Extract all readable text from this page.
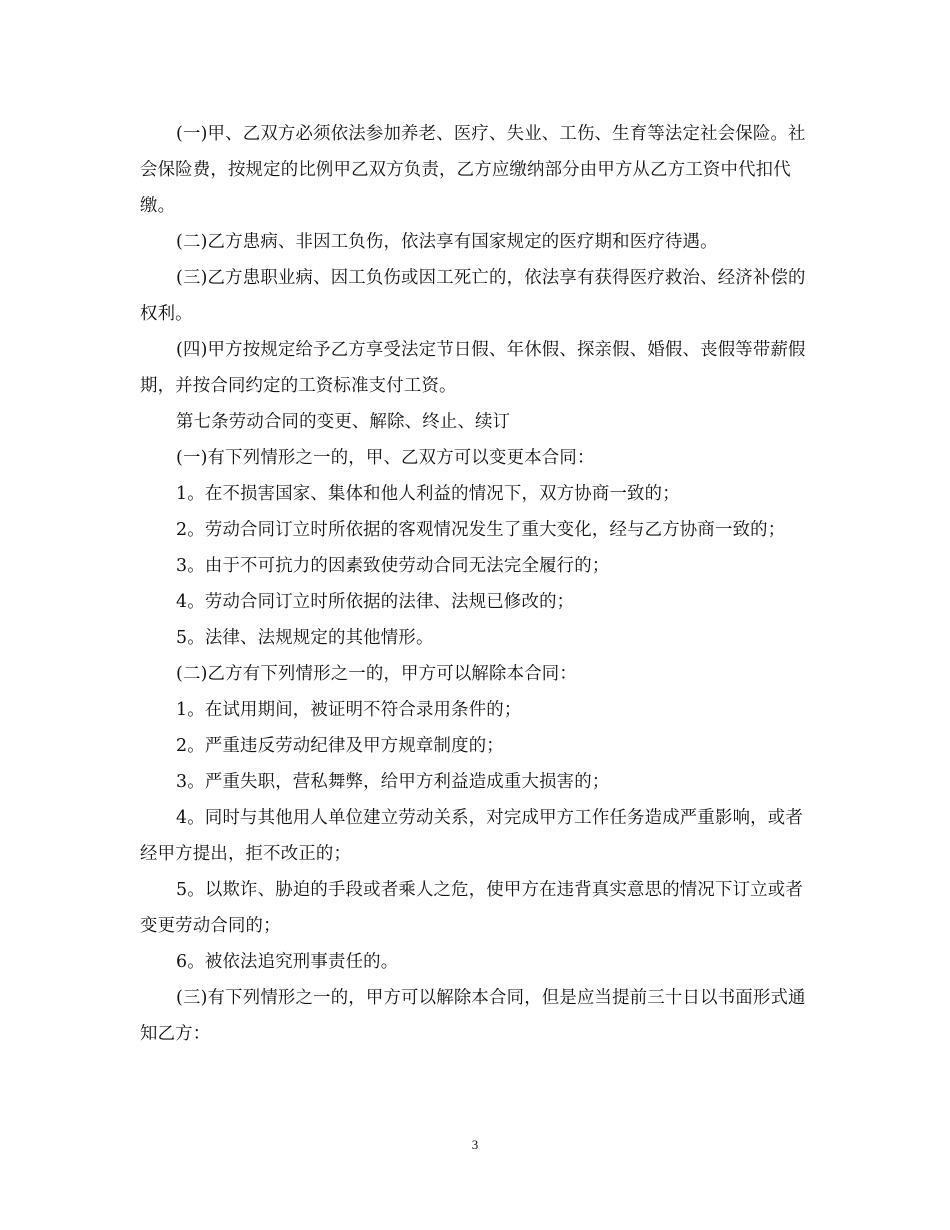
(一)甲、乙双方必须依法参加养老、医疗、失业、工伤、生育等法定社会保险。社会保险费，按规定的比例甲乙双方负责，乙方应缴纳部分由甲方从乙方工资中代扣代缴。

(二)乙方患病、非因工负伤，依法享有国家规定的医疗期和医疗待遇。

(三)乙方患职业病、因工负伤或因工死亡的，依法享有获得医疗救治、经济补偿的权利。

(四)甲方按规定给予乙方享受法定节日假、年休假、探亲假、婚假、丧假等带薪假期，并按合同约定的工资标准支付工资。

第七条劳动合同的变更、解除、终止、续订

(一)有下列情形之一的，甲、乙双方可以变更本合同：

1。在不损害国家、集体和他人利益的情况下，双方协商一致的；

2。劳动合同订立时所依据的客观情况发生了重大变化，经与乙方协商一致的；

3。由于不可抗力的因素致使劳动合同无法完全履行的；

4。劳动合同订立时所依据的法律、法规已修改的；

5。法律、法规规定的其他情形。

(二)乙方有下列情形之一的，甲方可以解除本合同：

1。在试用期间，被证明不符合录用条件的；

2。严重违反劳动纪律及甲方规章制度的；

3。严重失职，营私舞弊，给甲方利益造成重大损害的；

4。同时与其他用人单位建立劳动关系，对完成甲方工作任务造成严重影响，或者经甲方提出，拒不改正的；

5。以欺诈、胁迫的手段或者乘人之危，使甲方在违背真实意思的情况下订立或者变更劳动合同的；

6。被依法追究刑事责任的。

(三)有下列情形之一的，甲方可以解除本合同，但是应当提前三十日以书面形式通知乙方：

3
